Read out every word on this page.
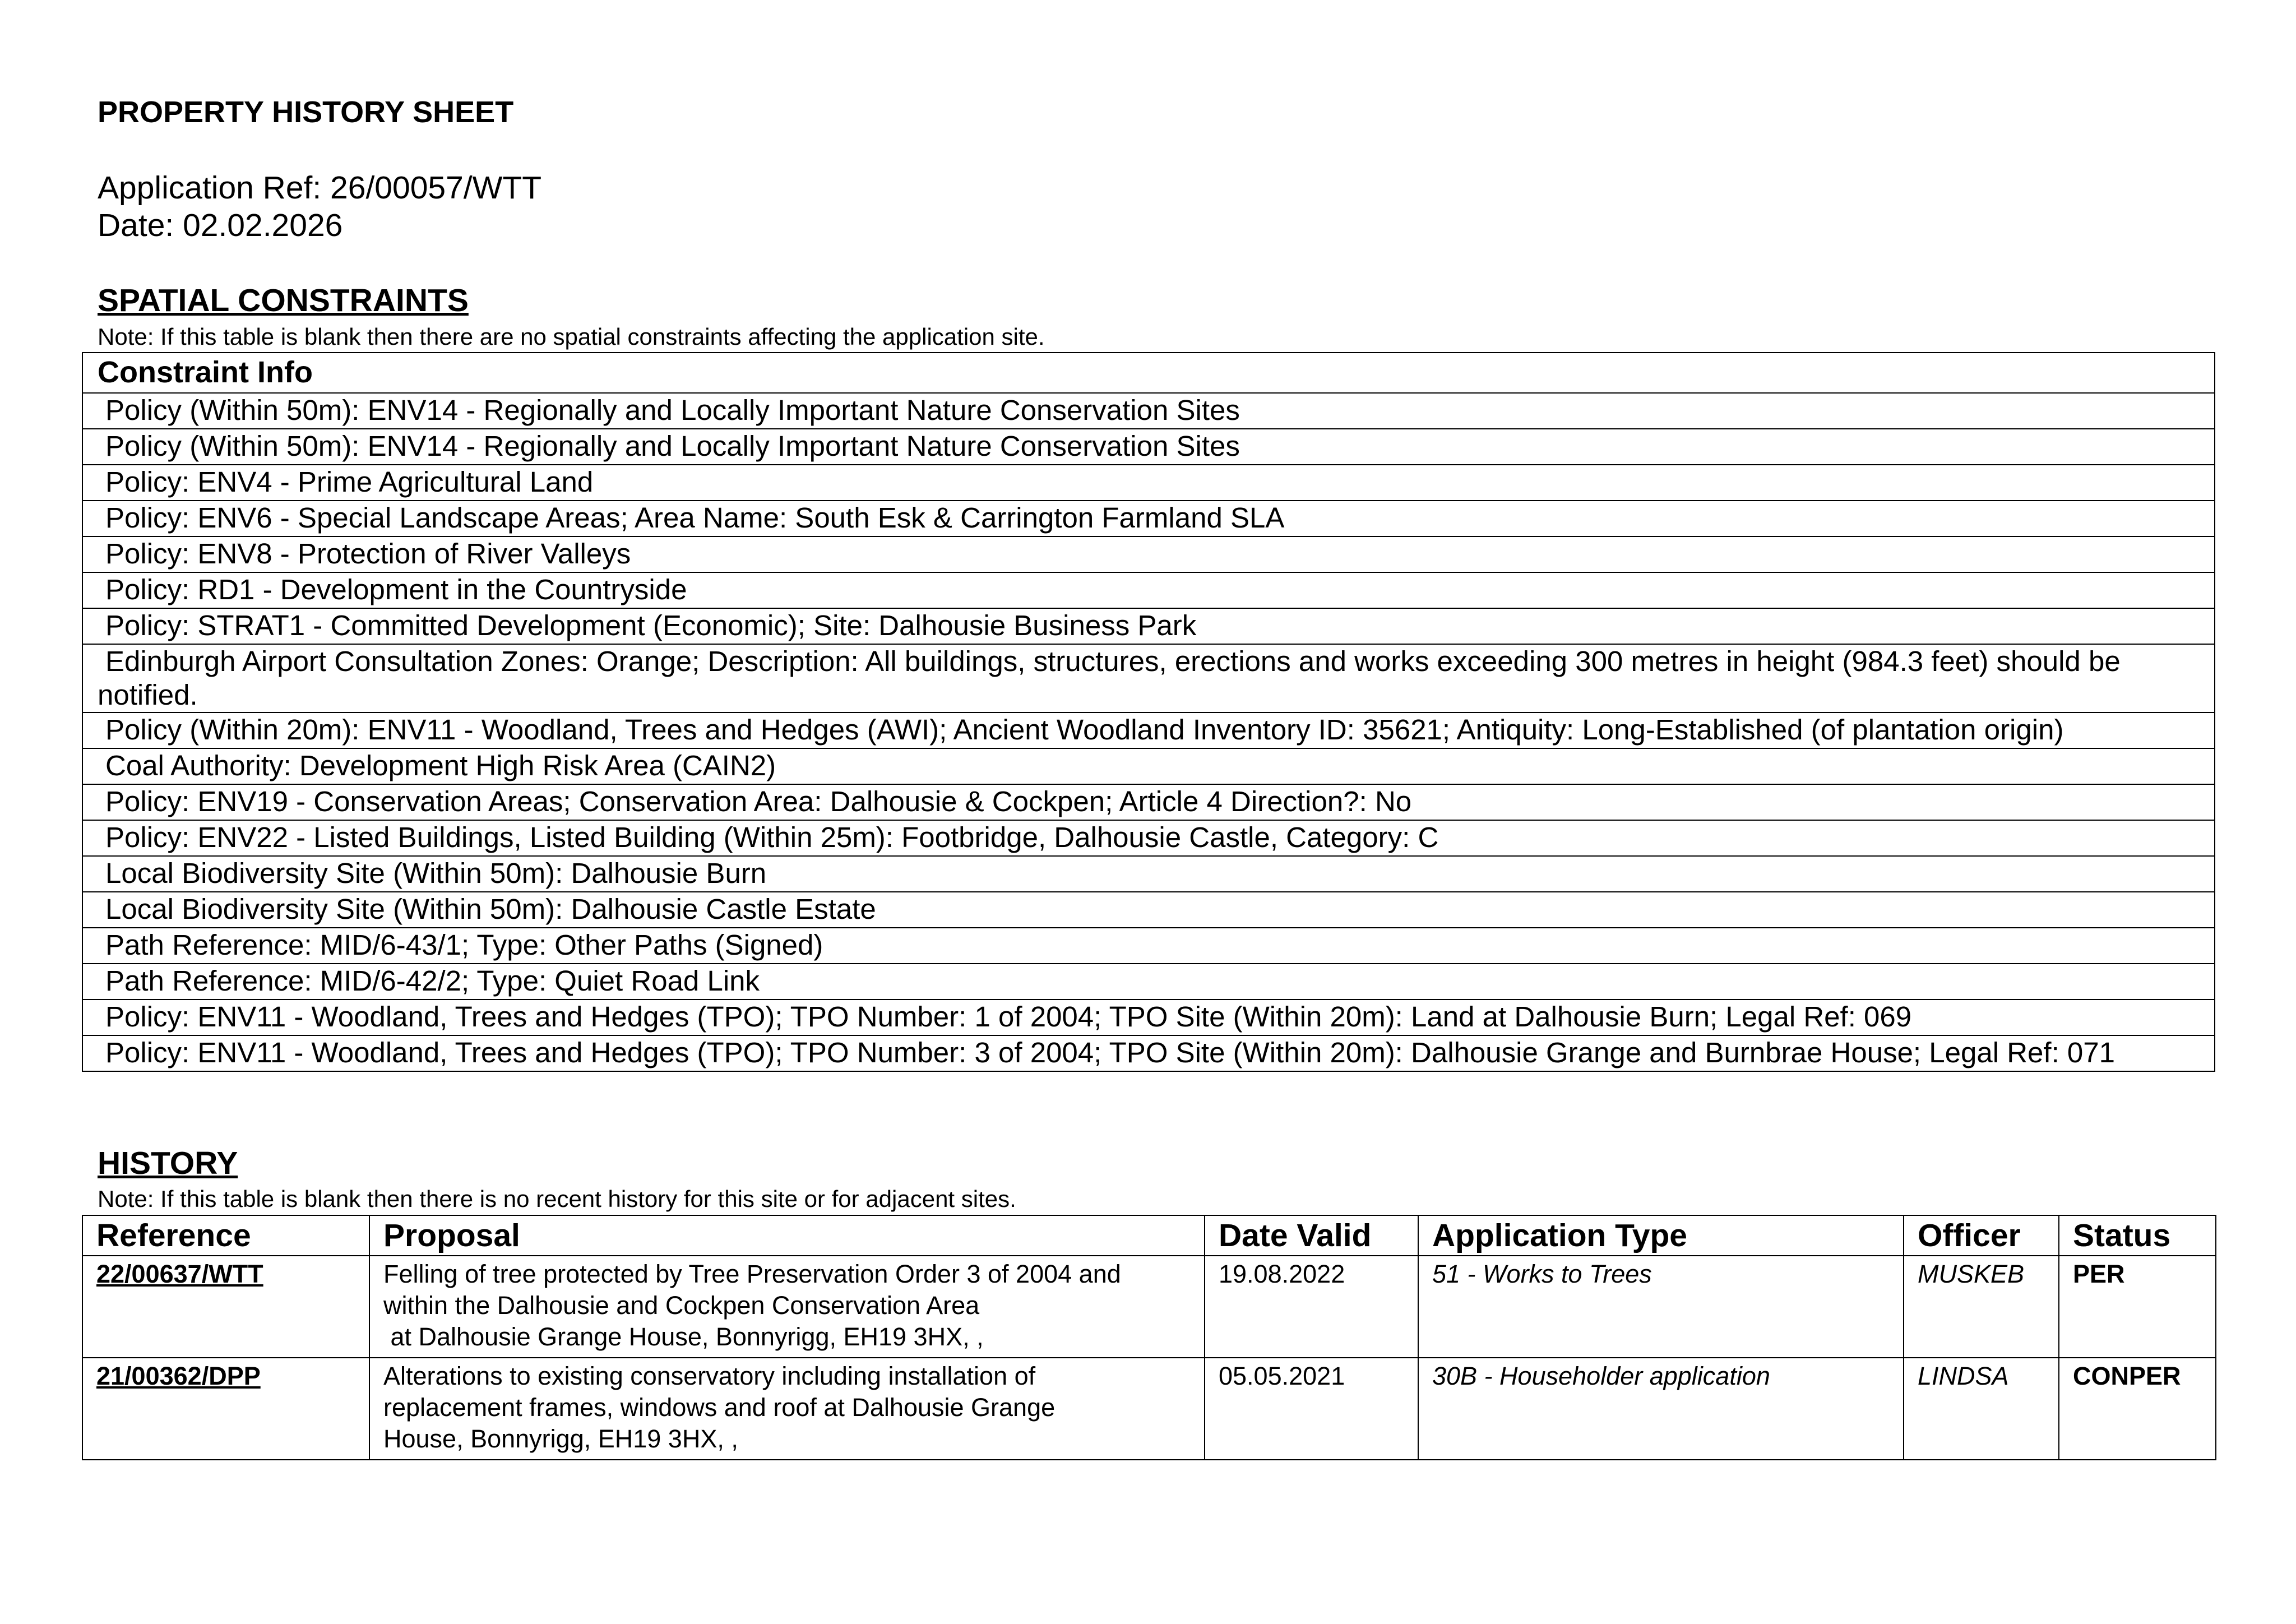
PROPERTY HISTORY SHEET

Application Ref: 26/00057/WTT

Date: 02.02.2026

SPATIAL CONSTRAINTS

Note: If this table is blank then there are no spatial constraints affecting the application site.

Constraint Info
Policy (Within 50m): ENV14 - Regionally and Locally Important Nature Conservation Sites
Policy (Within 50m): ENV14 - Regionally and Locally Important Nature Conservation Sites
Policy: ENV4 - Prime Agricultural Land
Policy: ENV6 - Special Landscape Areas; Area Name: South Esk & Carrington Farmland SLA
Policy: ENV8 - Protection of River Valleys
Policy: RD1 - Development in the Countryside
Policy: STRAT1 - Committed Development (Economic); Site: Dalhousie Business Park
Edinburgh Airport Consultation Zones: Orange; Description: All buildings, structures, erections and works exceeding 300 metres in height (984.3 feet) should be notified.
Policy (Within 20m): ENV11 - Woodland, Trees and Hedges (AWI); Ancient Woodland Inventory ID: 35621; Antiquity: Long-Established (of plantation origin)
Coal Authority: Development High Risk Area (CAIN2)
Policy: ENV19 - Conservation Areas; Conservation Area: Dalhousie & Cockpen; Article 4 Direction?: No
Policy: ENV22 - Listed Buildings, Listed Building (Within 25m): Footbridge, Dalhousie Castle, Category: C
Local Biodiversity Site (Within 50m): Dalhousie Burn
Local Biodiversity Site (Within 50m): Dalhousie Castle Estate
Path Reference: MID/6-43/1; Type: Other Paths (Signed)
Path Reference: MID/6-42/2; Type: Quiet Road Link
Policy: ENV11 - Woodland, Trees and Hedges (TPO); TPO Number: 1 of 2004; TPO Site (Within 20m): Land at Dalhousie Burn; Legal Ref: 069
Policy: ENV11 - Woodland, Trees and Hedges (TPO); TPO Number: 3 of 2004; TPO Site (Within 20m): Dalhousie Grange and Burnbrae House; Legal Ref: 071
HISTORY

Note: If this table is blank then there is no recent history for this site or for adjacent sites.

Reference	Proposal	Date Valid	Application Type	Officer	Status
22/00637/WTT	Felling of tree protected by Tree Preservation Order 3 of 2004 and
within the Dalhousie and Cockpen Conservation Area
at Dalhousie Grange House, Bonnyrigg, EH19 3HX, ,	19.08.2022	51 - Works to Trees	MUSKEB	PER
21/00362/DPP	Alterations to existing conservatory including installation of
replacement frames, windows and roof at Dalhousie Grange
House, Bonnyrigg, EH19 3HX, ,	05.05.2021	30B - Householder application	LINDSA	CONPER
